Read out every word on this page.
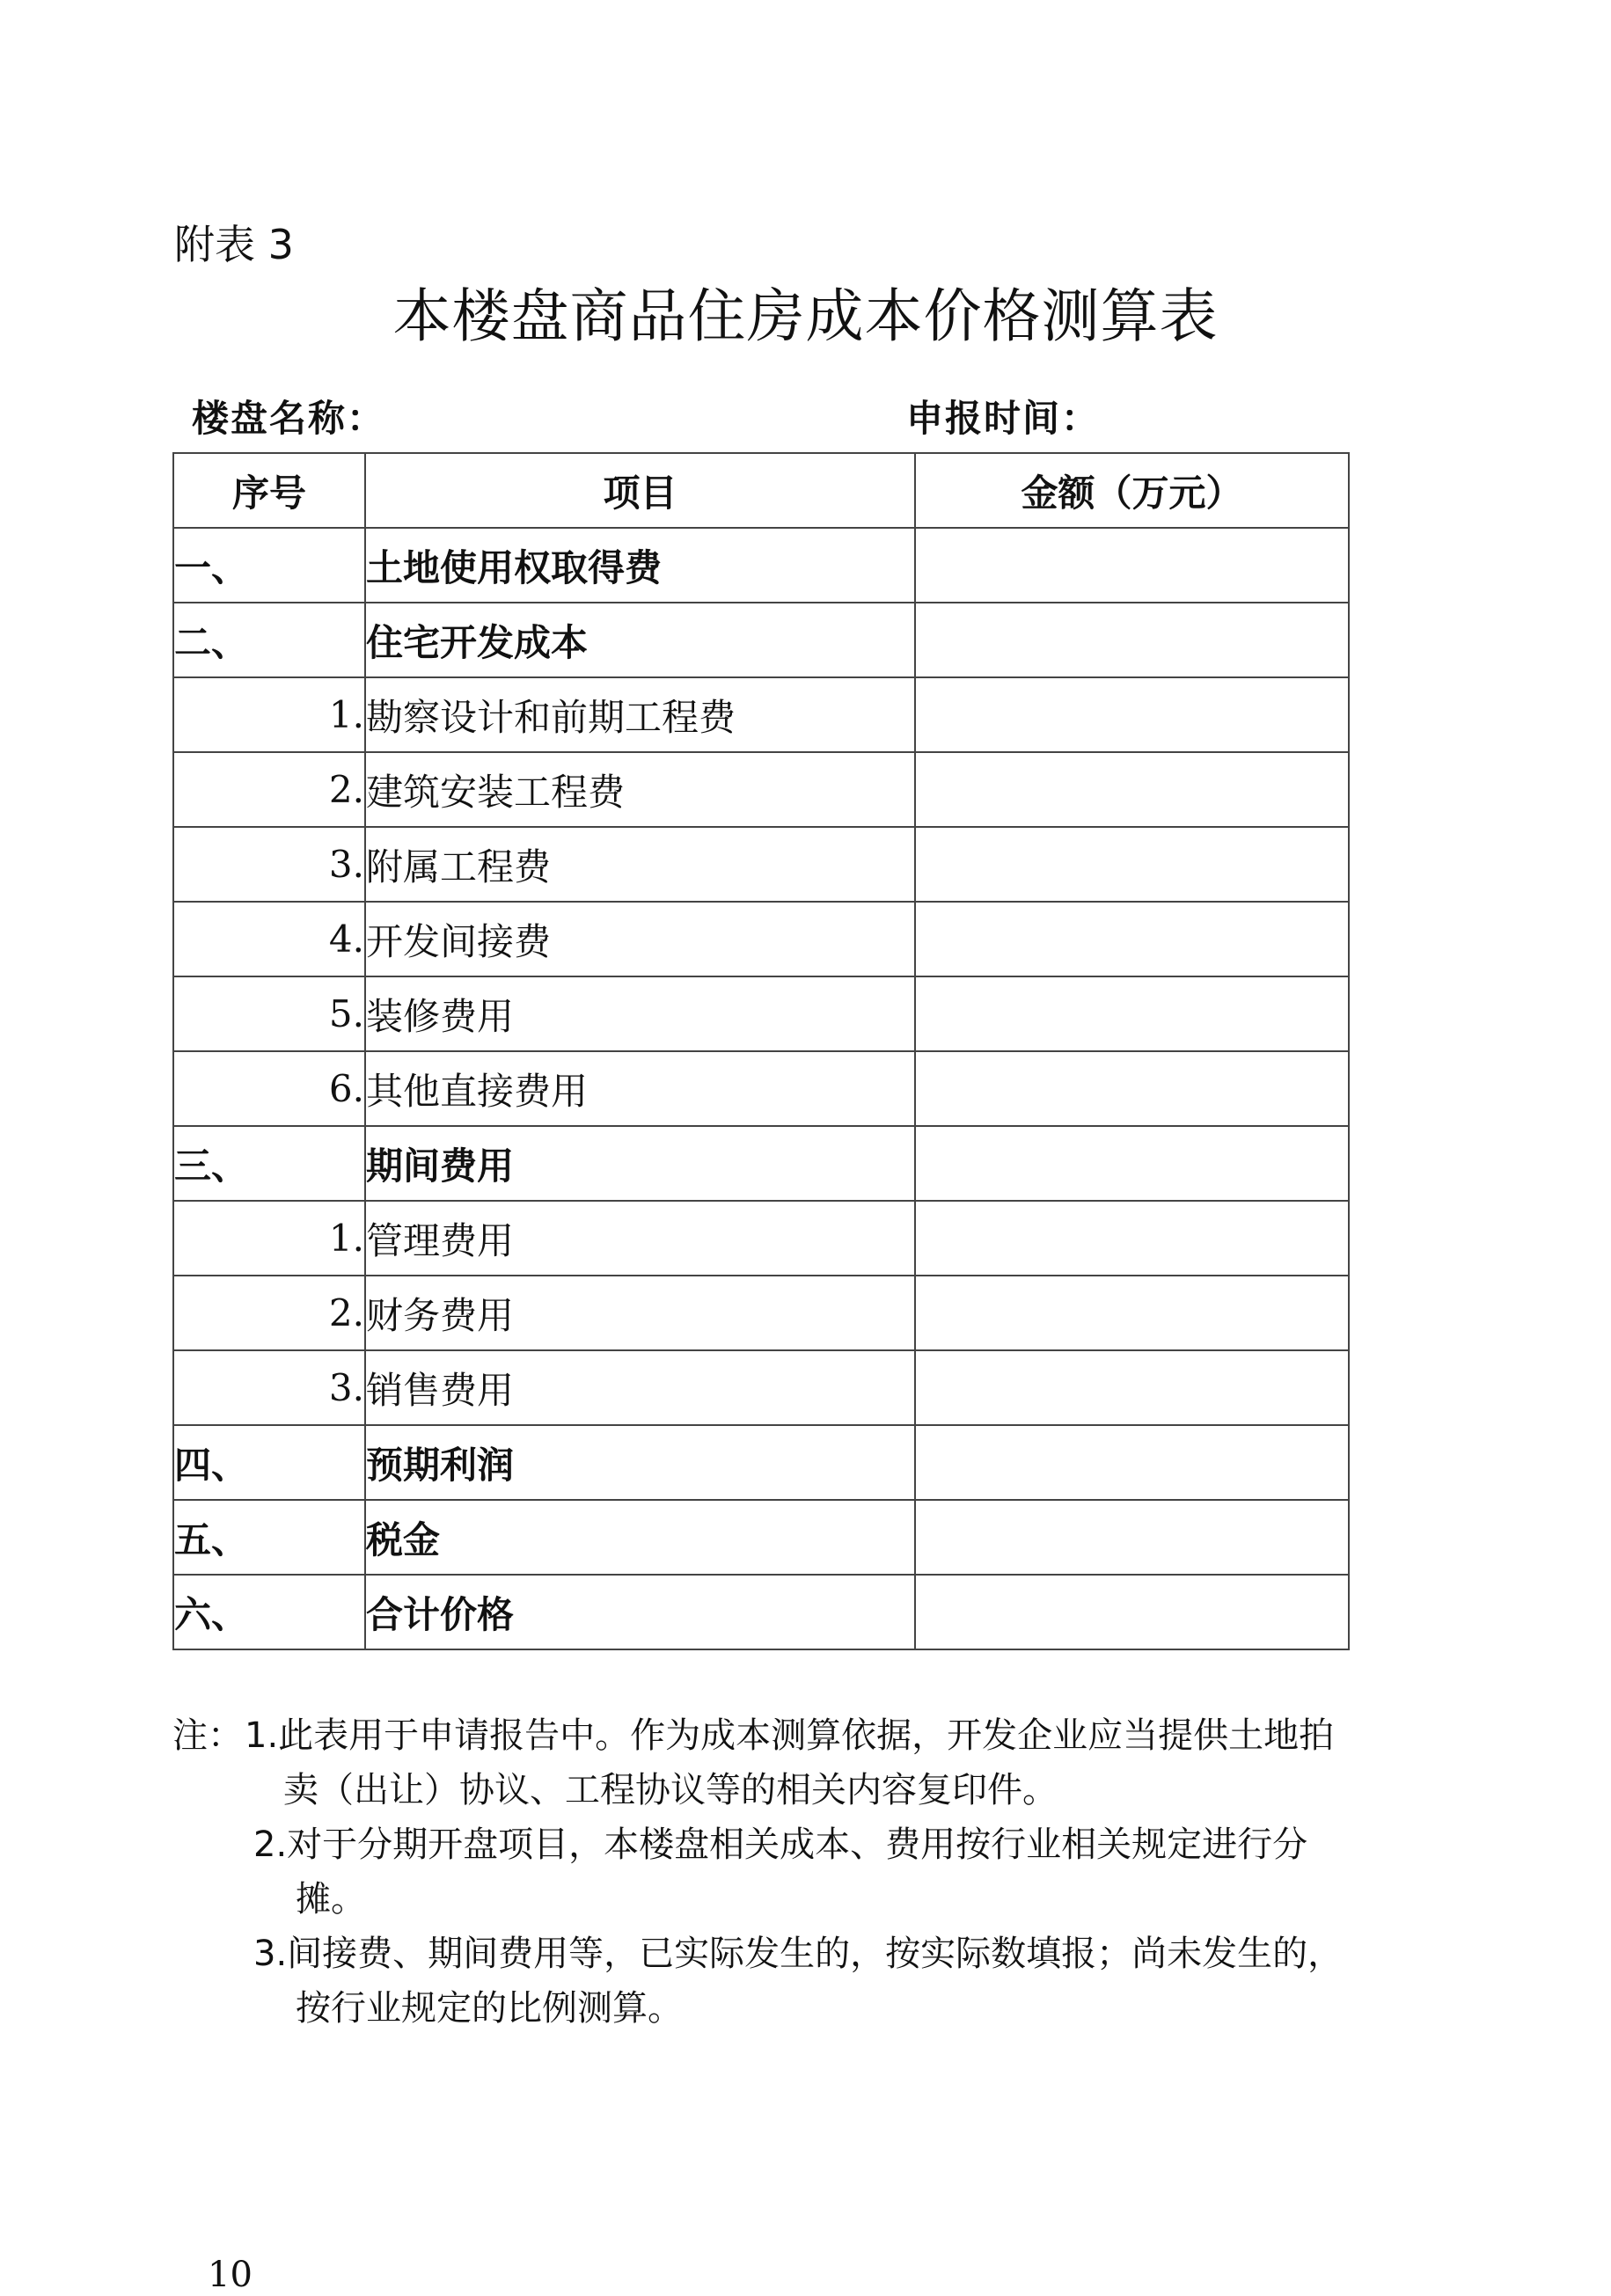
附表 3
本楼盘商品住房成本价格测算表
楼盘名称：	申报时间：
序号	项目	金额（万元）
一、	土地使用权取得费	
二、	住宅开发成本	
1.	勘察设计和前期工程费	
2.	建筑安装工程费	
3.	附属工程费	
4.	开发间接费	
5.	装修费用	
6.	其他直接费用	
三、	期间费用	
1.	管理费用	
2.	财务费用	
3.	销售费用	
四、	预期利润	
五、	税金	
六、	合计价格	
注：1.此表用于申请报告中。作为成本测算依据，开发企业应当提供土地拍
卖（出让）协议、工程协议等的相关内容复印件。
2.对于分期开盘项目，本楼盘相关成本、费用按行业相关规定进行分
摊。
3.间接费、期间费用等，已实际发生的，按实际数填报；尚未发生的，
按行业规定的比例测算。
10
